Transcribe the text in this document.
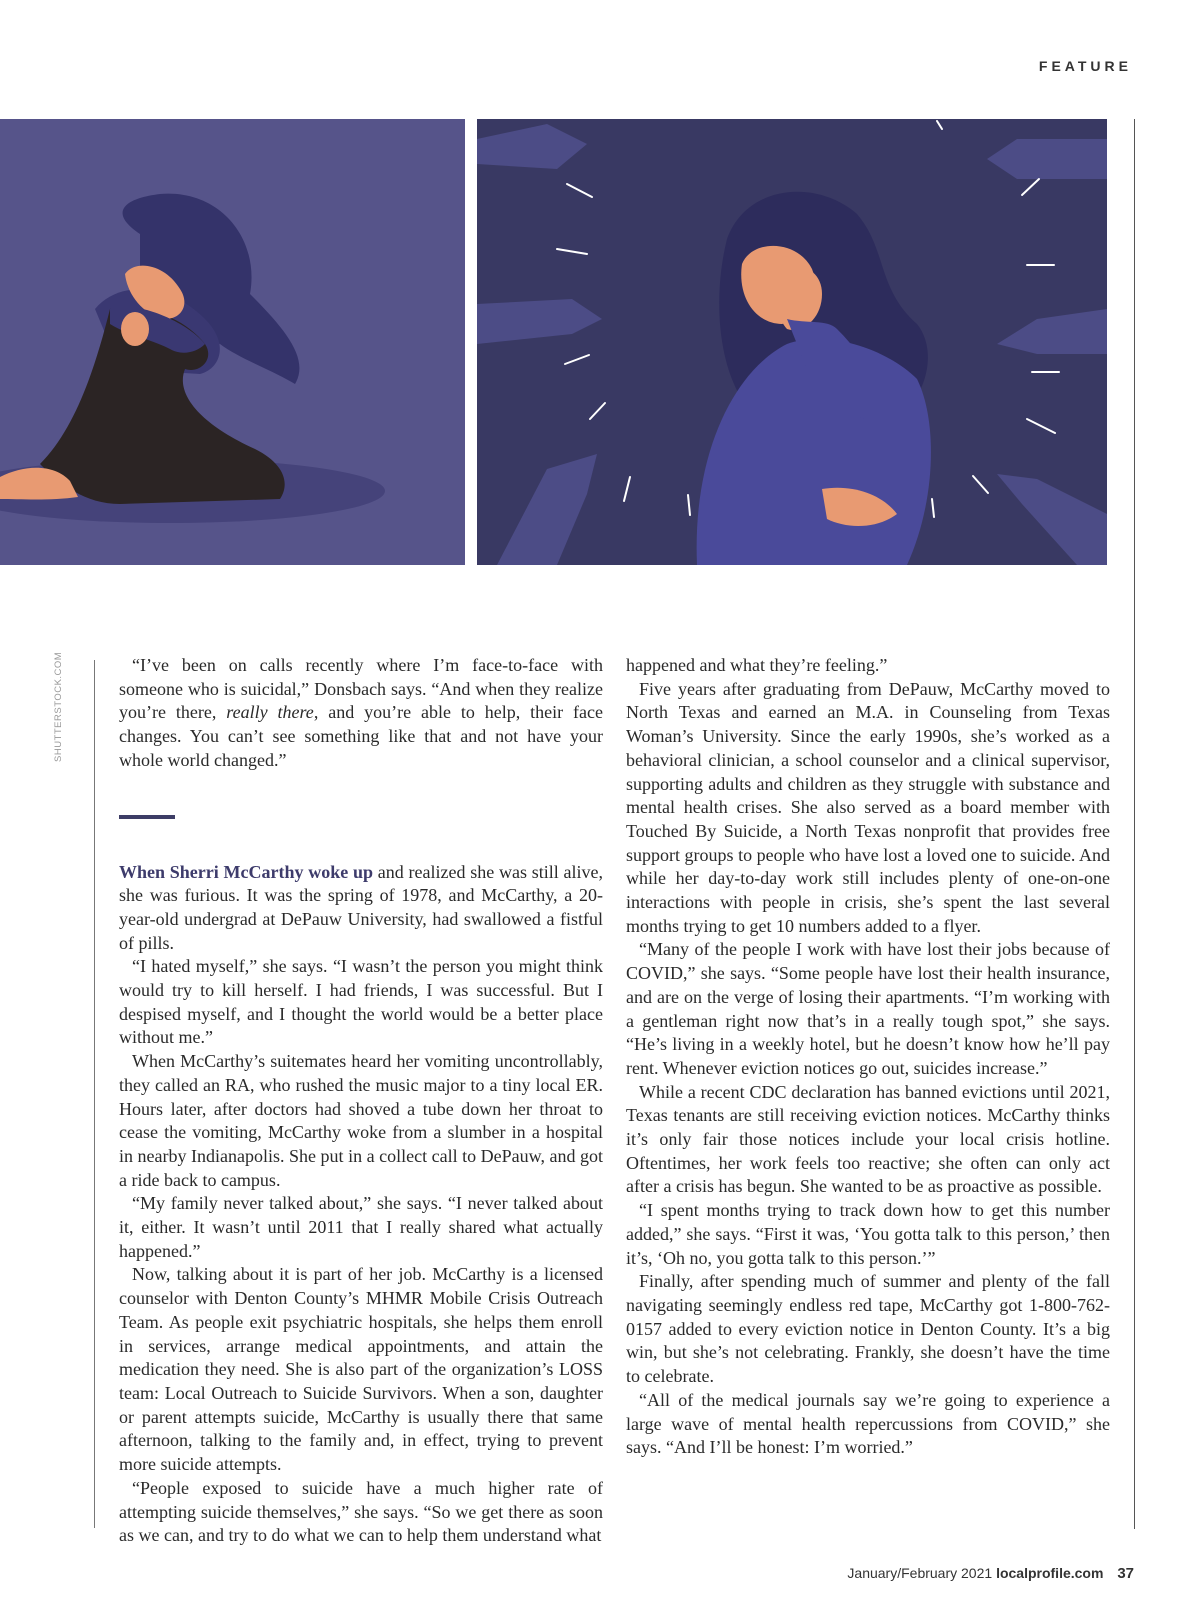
FEATURE
SHUTTERSTOCK.COM	“I’ve been on calls recently where I’m face-to-face with someone who is suicidal,” Donsbach says. “And when they realize you’re there, really there, and you’re able to help, their face changes. You can’t see something like that and not have your whole world changed.”

When Sherri McCarthy woke up and realized she was still alive, she was furious. It was the spring of 1978, and McCarthy, a 20-year-old undergrad at DePauw University, had swallowed a fistful of pills.

“I hated myself,” she says. “I wasn’t the person you might think would try to kill herself. I had friends, I was successful. But I despised myself, and I thought the world would be a better place without me.”

When McCarthy’s suitemates heard her vomiting uncontrollably, they called an RA, who rushed the music major to a tiny local ER. Hours later, after doctors had shoved a tube down her throat to cease the vomiting, McCarthy woke from a slumber in a hospital in nearby Indianapolis. She put in a collect call to DePauw, and got a ride back to campus.

“My family never talked about,” she says. “I never talked about it, either. It wasn’t until 2011 that I really shared what actually happened.”

Now, talking about it is part of her job. McCarthy is a licensed counselor with Denton County’s MHMR Mobile Crisis Outreach Team. As people exit psychiatric hospitals, she helps them enroll in services, arrange medical appointments, and attain the medication they need. She is also part of the organization’s LOSS team: Local Outreach to Suicide Survivors. When a son, daughter or parent attempts suicide, McCarthy is usually there that same afternoon, talking to the family and, in effect, trying to prevent more suicide attempts.

“People exposed to suicide have a much higher rate of attempting suicide themselves,” she says. “So we get there as soon as we can, and try to do what we can to help them understand what

happened and what they’re feeling.”

Five years after graduating from DePauw, McCarthy moved to North Texas and earned an M.A. in Counseling from Texas Woman’s University. Since the early 1990s, she’s worked as a behavioral clinician, a school counselor and a clinical supervisor, supporting adults and children as they struggle with substance and mental health crises. She also served as a board member with Touched By Suicide, a North Texas nonprofit that provides free support groups to people who have lost a loved one to suicide. And while her day-to-day work still includes plenty of one-on-one interactions with people in crisis, she’s spent the last several months trying to get 10 numbers added to a flyer.

“Many of the people I work with have lost their jobs because of COVID,” she says. “Some people have lost their health insurance, and are on the verge of losing their apartments. “I’m working with a gentleman right now that’s in a really tough spot,” she says. “He’s living in a weekly hotel, but he doesn’t know how he’ll pay rent. Whenever eviction notices go out, suicides increase.”

While a recent CDC declaration has banned evictions until 2021, Texas tenants are still receiving eviction notices. McCarthy thinks it’s only fair those notices include your local crisis hotline. Oftentimes, her work feels too reactive; she often can only act after a crisis has begun. She wanted to be as proactive as possible.

“I spent months trying to track down how to get this number added,” she says. “First it was, ‘You gotta talk to this person,’ then it’s, ‘Oh no, you gotta talk to this person.’”

Finally, after spending much of summer and plenty of the fall navigating seemingly endless red tape, McCarthy got 1-800-762-0157 added to every eviction notice in Denton County. It’s a big win, but she’s not celebrating. Frankly, she doesn’t have the time to celebrate.

“All of the medical journals say we’re going to experience a large wave of mental health repercussions from COVID,” she says. “And I’ll be honest: I’m worried.”

January/February 2021 localprofile.com 37
